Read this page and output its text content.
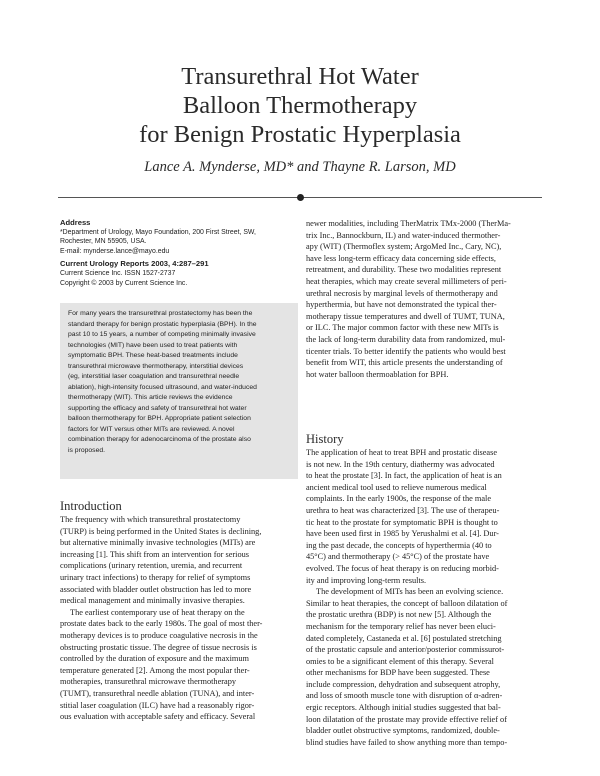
Transurethral Hot Water
Balloon Thermotherapy
for Benign Prostatic Hyperplasia
Lance A. Mynderse, MD* and Thayne R. Larson, MD
Address
*Department of Urology, Mayo Foundation, 200 First Street, SW,
Rochester, MN 55905, USA.
E-mail: mynderse.lance@mayo.edu
Current Urology Reports 2003, 4:287–291
Current Science Inc. ISSN 1527-2737
Copyright © 2003 by Current Science Inc.
For many years the transurethral prostatectomy has been the
standard therapy for benign prostatic hyperplasia (BPH). In the
past 10 to 15 years, a number of competing minimally invasive
technologies (MIT) have been used to treat patients with
symptomatic BPH. These heat-based treatments include
transurethral microwave thermotherapy, interstitial devices
(eg, interstitial laser coagulation and transurethral needle
ablation), high-intensity focused ultrasound, and water-induced
thermotherapy (WIT). This article reviews the evidence
supporting the efficacy and safety of transurethral hot water
balloon thermotherapy for BPH. Appropriate patient selection
factors for WIT versus other MITs are reviewed. A novel
combination therapy for adenocarcinoma of the prostate also
is proposed.
Introduction
The frequency with which transurethral prostatectomy
(TURP) is being performed in the United States is declining,
but alternative minimally invasive technologies (MITs) are
increasing [1]. This shift from an intervention for serious
complications (urinary retention, uremia, and recurrent
urinary tract infections) to therapy for relief of symptoms
associated with bladder outlet obstruction has led to more
medical management and minimally invasive therapies.
The earliest contemporary use of heat therapy on the
prostate dates back to the early 1980s. The goal of most ther-
motherapy devices is to produce coagulative necrosis in the
obstructing prostatic tissue. The degree of tissue necrosis is
controlled by the duration of exposure and the maximum
temperature generated [2]. Among the most popular ther-
motherapies, transurethral microwave thermotherapy
(TUMT), transurethral needle ablation (TUNA), and inter-
stitial laser coagulation (ILC) have had a reasonably rigor-
ous evaluation with acceptable safety and efficacy. Several
newer modalities, including TherMatrix TMx-2000 (TherMa-
trix Inc., Bannockburn, IL) and water-induced thermother-
apy (WIT) (Thermoflex system; ArgoMed Inc., Cary, NC),
have less long-term efficacy data concerning side effects,
retreatment, and durability. These two modalities represent
heat therapies, which may create several millimeters of peri-
urethral necrosis by marginal levels of thermotherapy and
hyperthermia, but have not demonstrated the typical ther-
motherapy tissue temperatures and dwell of TUMT, TUNA,
or ILC. The major common factor with these new MITs is
the lack of long-term durability data from randomized, mul-
ticenter trials. To better identify the patients who would best
benefit from WIT, this article presents the understanding of
hot water balloon thermoablation for BPH.
History
The application of heat to treat BPH and prostatic disease
is not new. In the 19th century, diathermy was advocated
to heat the prostate [3]. In fact, the application of heat is an
ancient medical tool used to relieve numerous medical
complaints. In the early 1900s, the response of the male
urethra to heat was characterized [3]. The use of therapeu-
tic heat to the prostate for symptomatic BPH is thought to
have been used first in 1985 by Yerushalmi et al. [4]. Dur-
ing the past decade, the concepts of hyperthermia (40 to
45°C) and thermotherapy (> 45°C) of the prostate have
evolved. The focus of heat therapy is on reducing morbid-
ity and improving long-term results.
The development of MITs has been an evolving science.
Similar to heat therapies, the concept of balloon dilatation of
the prostatic urethra (BDP) is not new [5]. Although the
mechanism for the temporary relief has never been eluci-
dated completely, Castaneda et al. [6] postulated stretching
of the prostatic capsule and anterior/posterior commissurot-
omies to be a significant element of this therapy. Several
other mechanisms for BDP have been suggested. These
include compression, dehydration and subsequent atrophy,
and loss of smooth muscle tone with disruption of α-adren-
ergic receptors. Although initial studies suggested that bal-
loon dilatation of the prostate may provide effective relief of
bladder outlet obstructive symptoms, randomized, double-
blind studies have failed to show anything more than tempo-
